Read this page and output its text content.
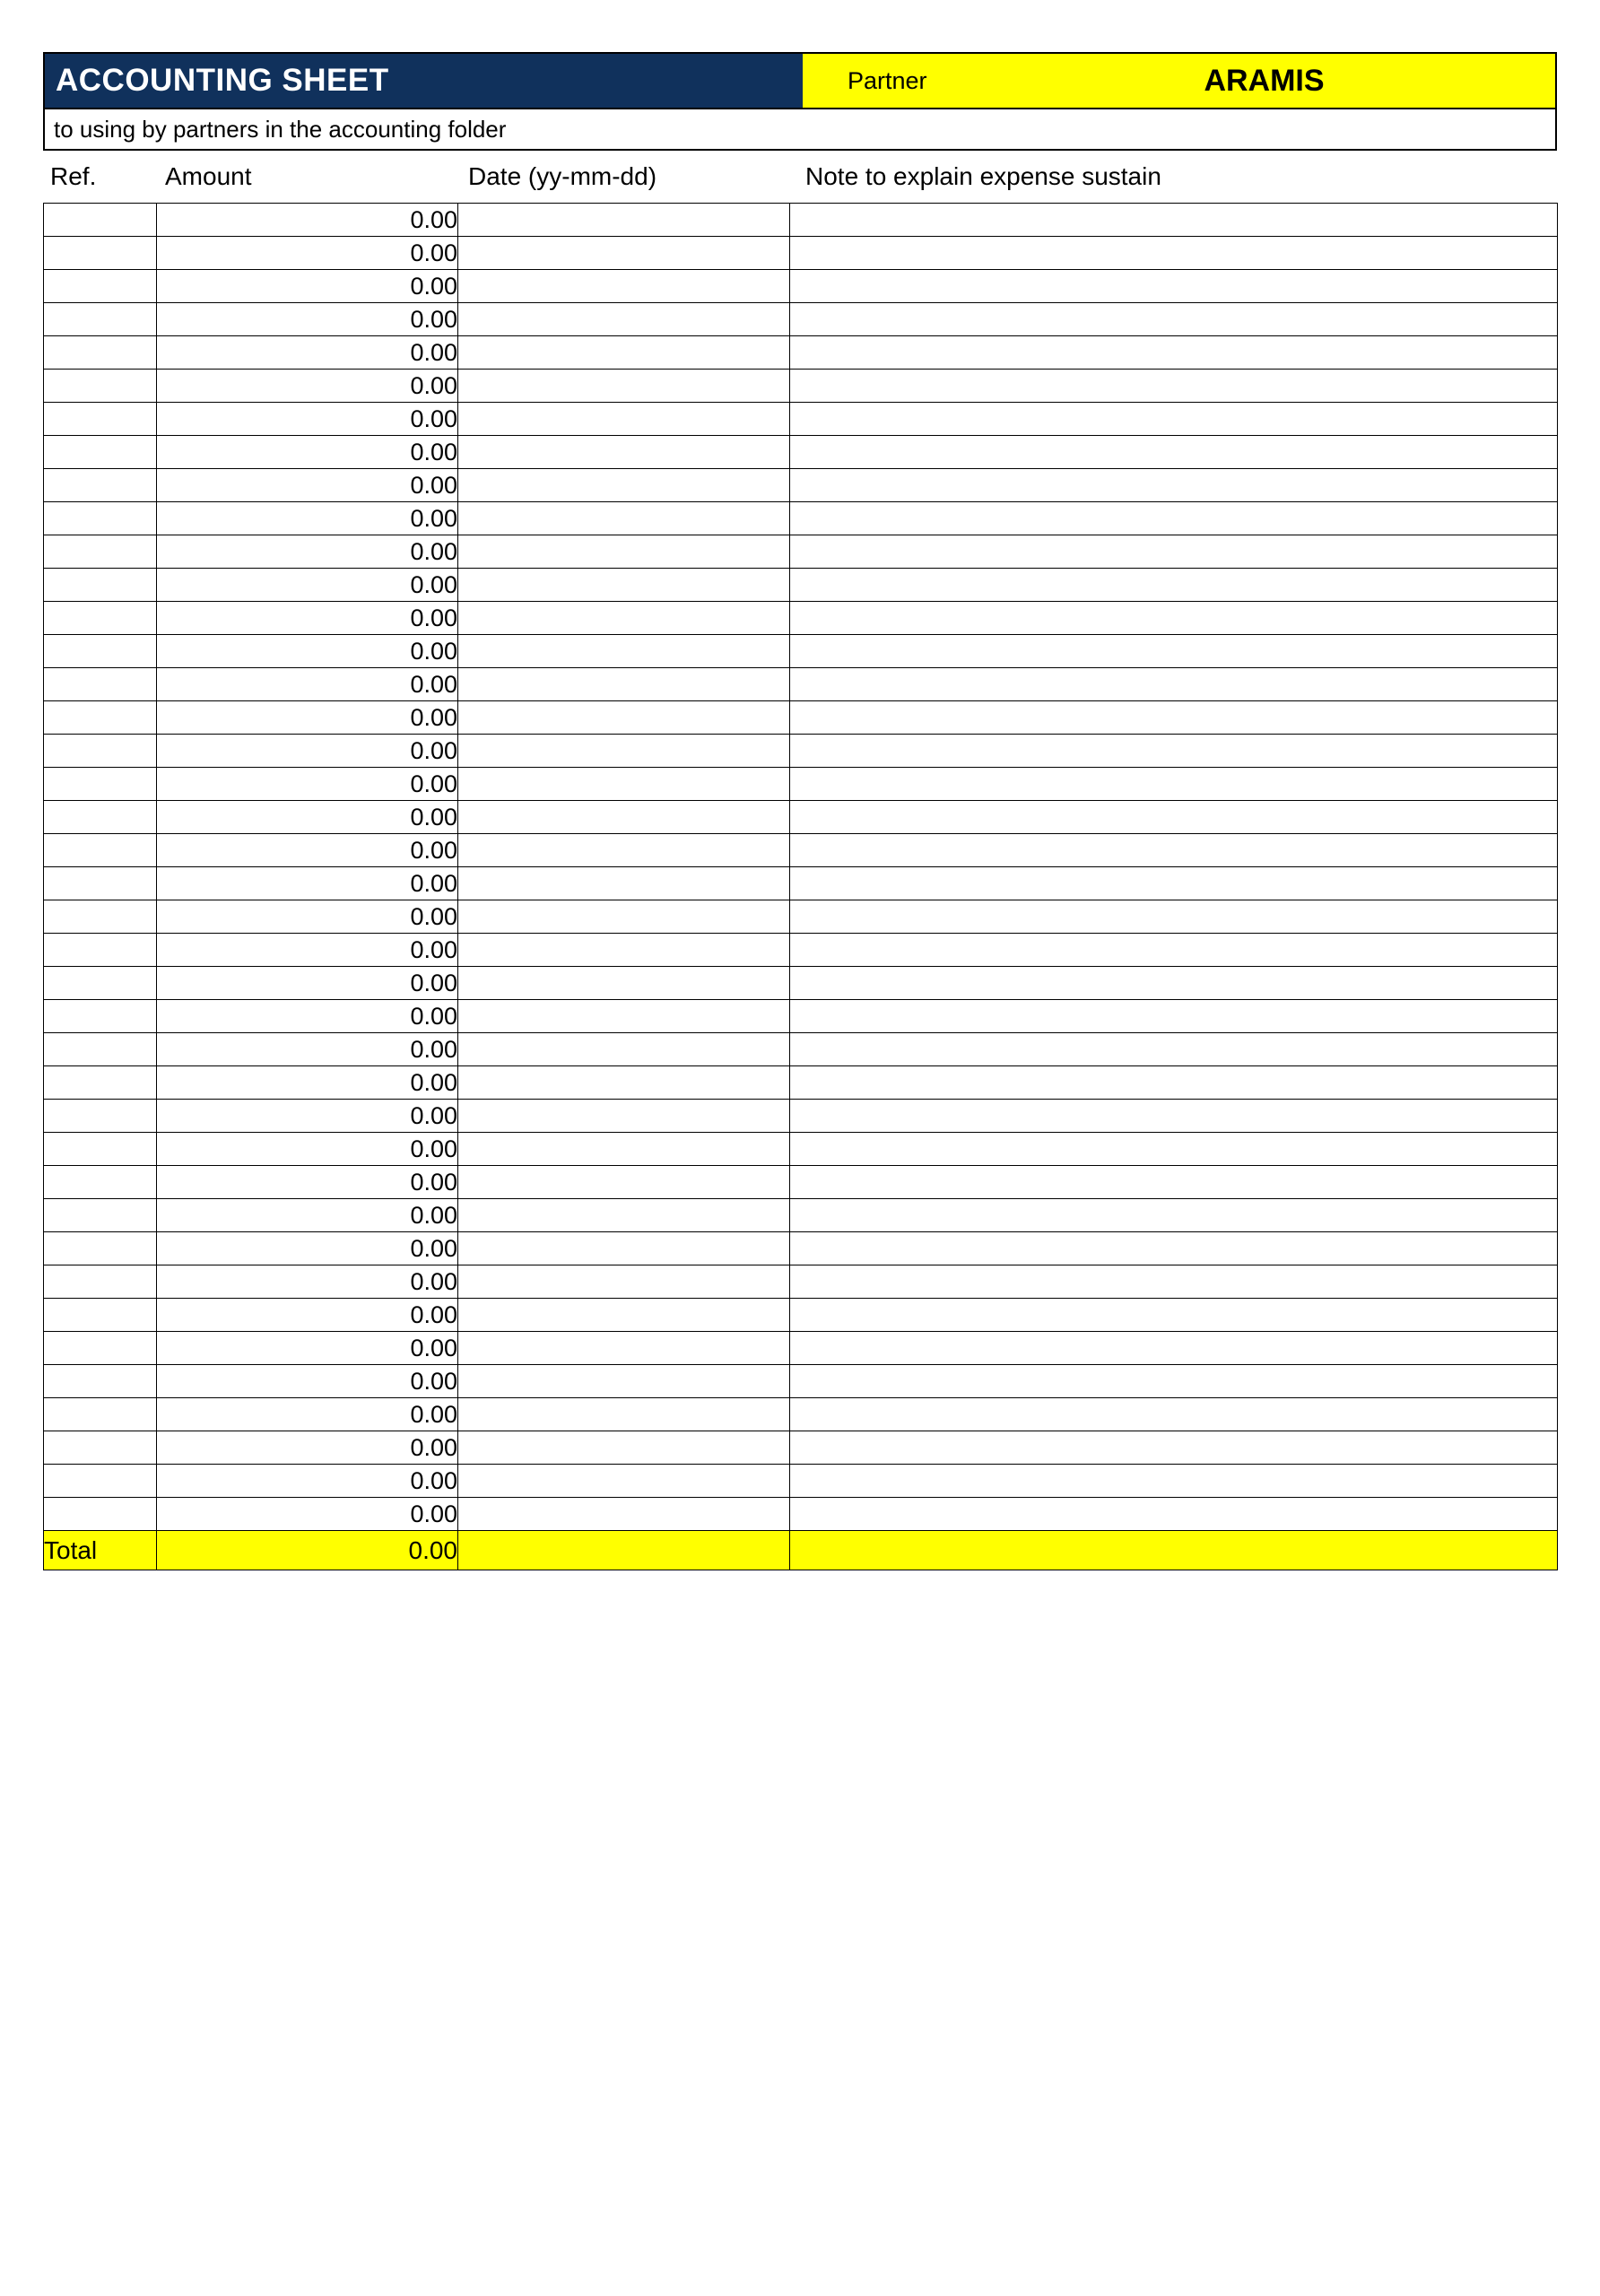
ACCOUNTING SHEET	Partner	ARAMIS
to using by partners in the accounting folder
Ref.	Amount	Date (yy-mm-dd)	Note to explain expense sustain
	0.00		
	0.00		
	0.00		
	0.00		
	0.00		
	0.00		
	0.00		
	0.00		
	0.00		
	0.00		
	0.00		
	0.00		
	0.00		
	0.00		
	0.00		
	0.00		
	0.00		
	0.00		
	0.00		
	0.00		
	0.00		
	0.00		
	0.00		
	0.00		
	0.00		
	0.00		
	0.00		
	0.00		
	0.00		
	0.00		
	0.00		
	0.00		
	0.00		
	0.00		
	0.00		
	0.00		
	0.00		
	0.00		
	0.00		
	0.00		
Total	0.00		
